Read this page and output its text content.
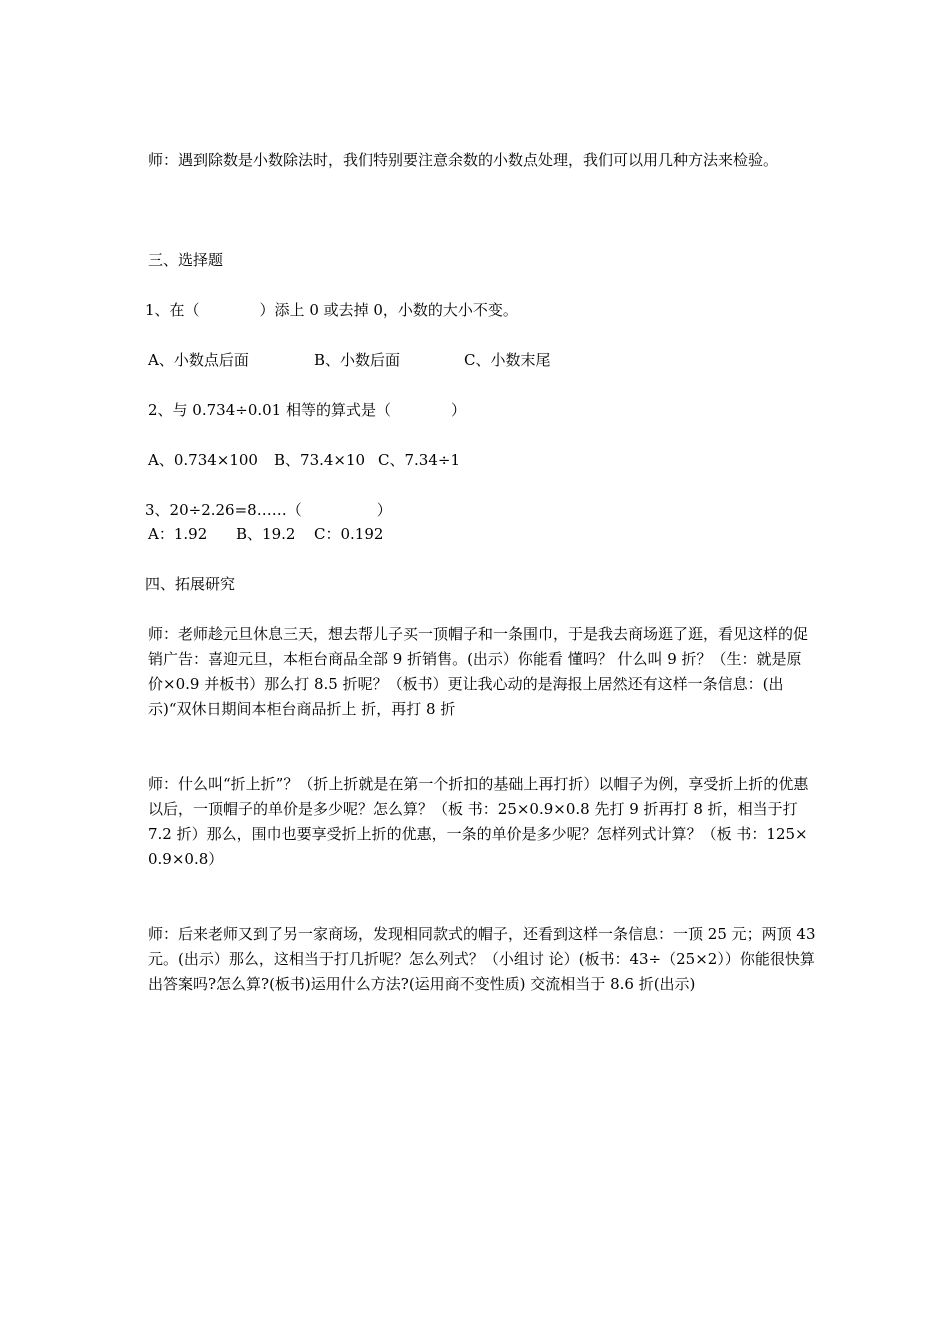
师：遇到除数是小数除法时，我们特别要注意余数的小数点处理，我们可以用几种方法来检验。

三、选择题

1、在（　　　　）添上 0 或去掉 0，小数的大小不变。

A、小数点后面	B、小数后面	C、小数末尾

2、与 0.734÷0.01 相等的算式是（　　　　）

A、0.734×100 B、73.4×10 C、7.34÷1

3、20÷2.26=8……（　　　　　）

A：1.92 B、19.2 C：0.192

四、拓展研究

师：老师趁元旦休息三天，想去帮儿子买一顶帽子和一条围巾，于是我去商场逛了逛，看见这样的促销广告：喜迎元旦，本柜台商品全部 9 折销售。(出示）你能看 懂吗？ 什么叫 9 折？（生：就是原价×0.9 并板书）那么打 8.5 折呢？（板书）更让我心动的是海报上居然还有这样一条信息：(出示)“双休日期间本柜台商品折上 折，再打 8 折

师：什么叫“折上折”？（折上折就是在第一个折扣的基础上再打折）以帽子为例，享受折上折的优惠以后，一顶帽子的单价是多少呢？怎么算？（板 书：25×0.9×0.8 先打 9 折再打 8 折，相当于打 7.2 折）那么，围巾也要享受折上折的优惠，一条的单价是多少呢？怎样列式计算？（板 书：125×0.9×0.8）

师：后来老师又到了另一家商场，发现相同款式的帽子，还看到这样一条信息：一顶 25 元；两顶 43 元。(出示）那么，这相当于打几折呢？怎么列式？（小组讨 论）(板书：43÷（25×2））你能很快算出答案吗?怎么算?(板书)运用什么方法?(运用商不变性质) 交流相当于 8.6 折(出示)
